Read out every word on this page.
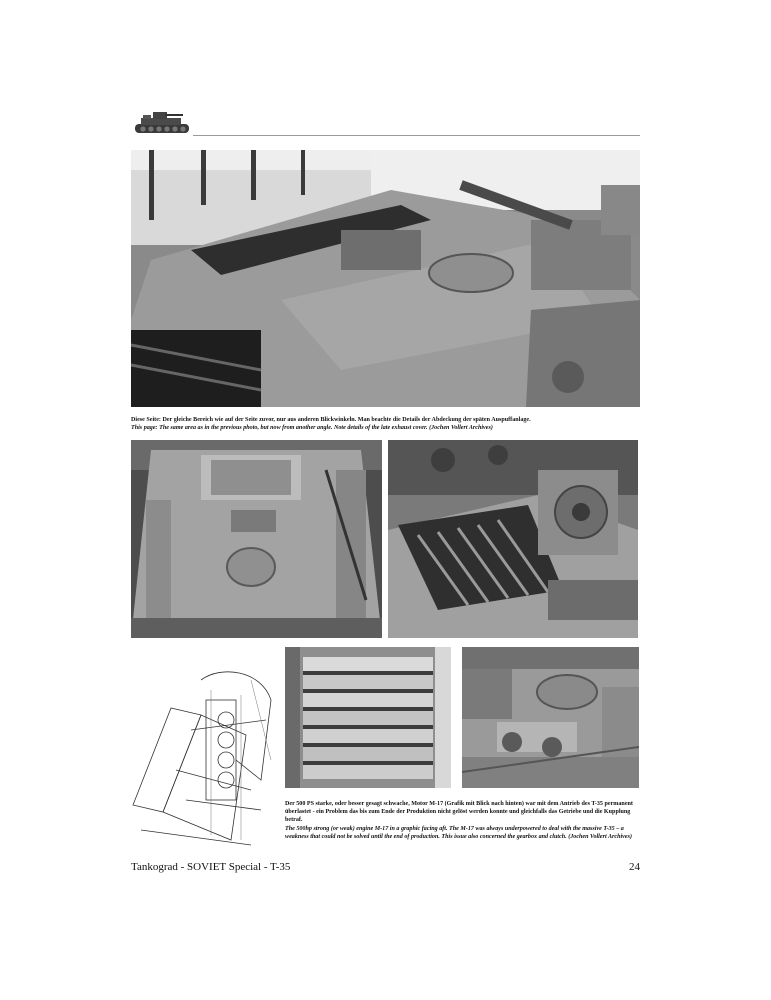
Diese Seite: Der gleiche Bereich wie auf der Seite zuvor, nur aus anderen Blickwinkeln. Man beachte die Details der Abdeckung der späten Auspuffanlage.
This page: The same area as in the previous photo, but now from another angle. Note details of the late exhaust cover. (Jochen Vollert Archives)
Der 500 PS starke, oder besser gesagt schwache, Motor M-17 (Grafik mit Blick nach hinten) war mit dem Antrieb des T-35 permanent überlastet - ein Problem das bis zum Ende der Produktion nicht gelöst werden konnte und gleichfalls das Getriebe und die Kupplung betraf.
The 500hp strong (or weak) engine M-17 in a graphic facing aft. The M-17 was always underpowered to deal with the massive T-35 – a weakness that could not be solved until the end of production. This issue also concerned the gearbox and clutch. (Jochen Vollert Archives)
Tankograd - SOVIET Special - T-35	24
